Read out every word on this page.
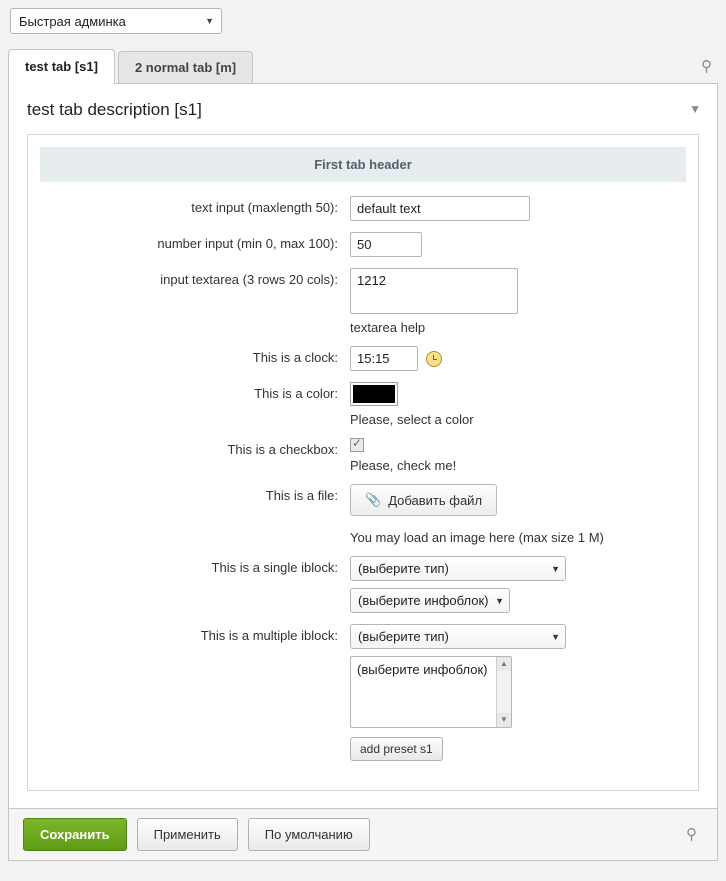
Быстрая админка	▼
test tab [s1]	2 normal tab [m]	⚲
test tab description [s1]	▼
First tab header
text input (maxlength 50):
default text
number input (min 0, max 100):
50
input textarea (3 rows 20 cols):	1212
textarea help
This is a clock:
15:15
This is a color:
Please, select a color
This is a checkbox:
✓
Please, check me!
This is a file:	📎 Добавить файл
You may load an image here (max size 1 M)
This is a single iblock:	(выберите тип)	▼

(выберите инфоблок) ▼
This is a multiple iblock:	(выберите тип)	▼
(выберите инфоблок)	▲
▼
add preset s1
Сохранить	Применить	По умолчанию	⚲
